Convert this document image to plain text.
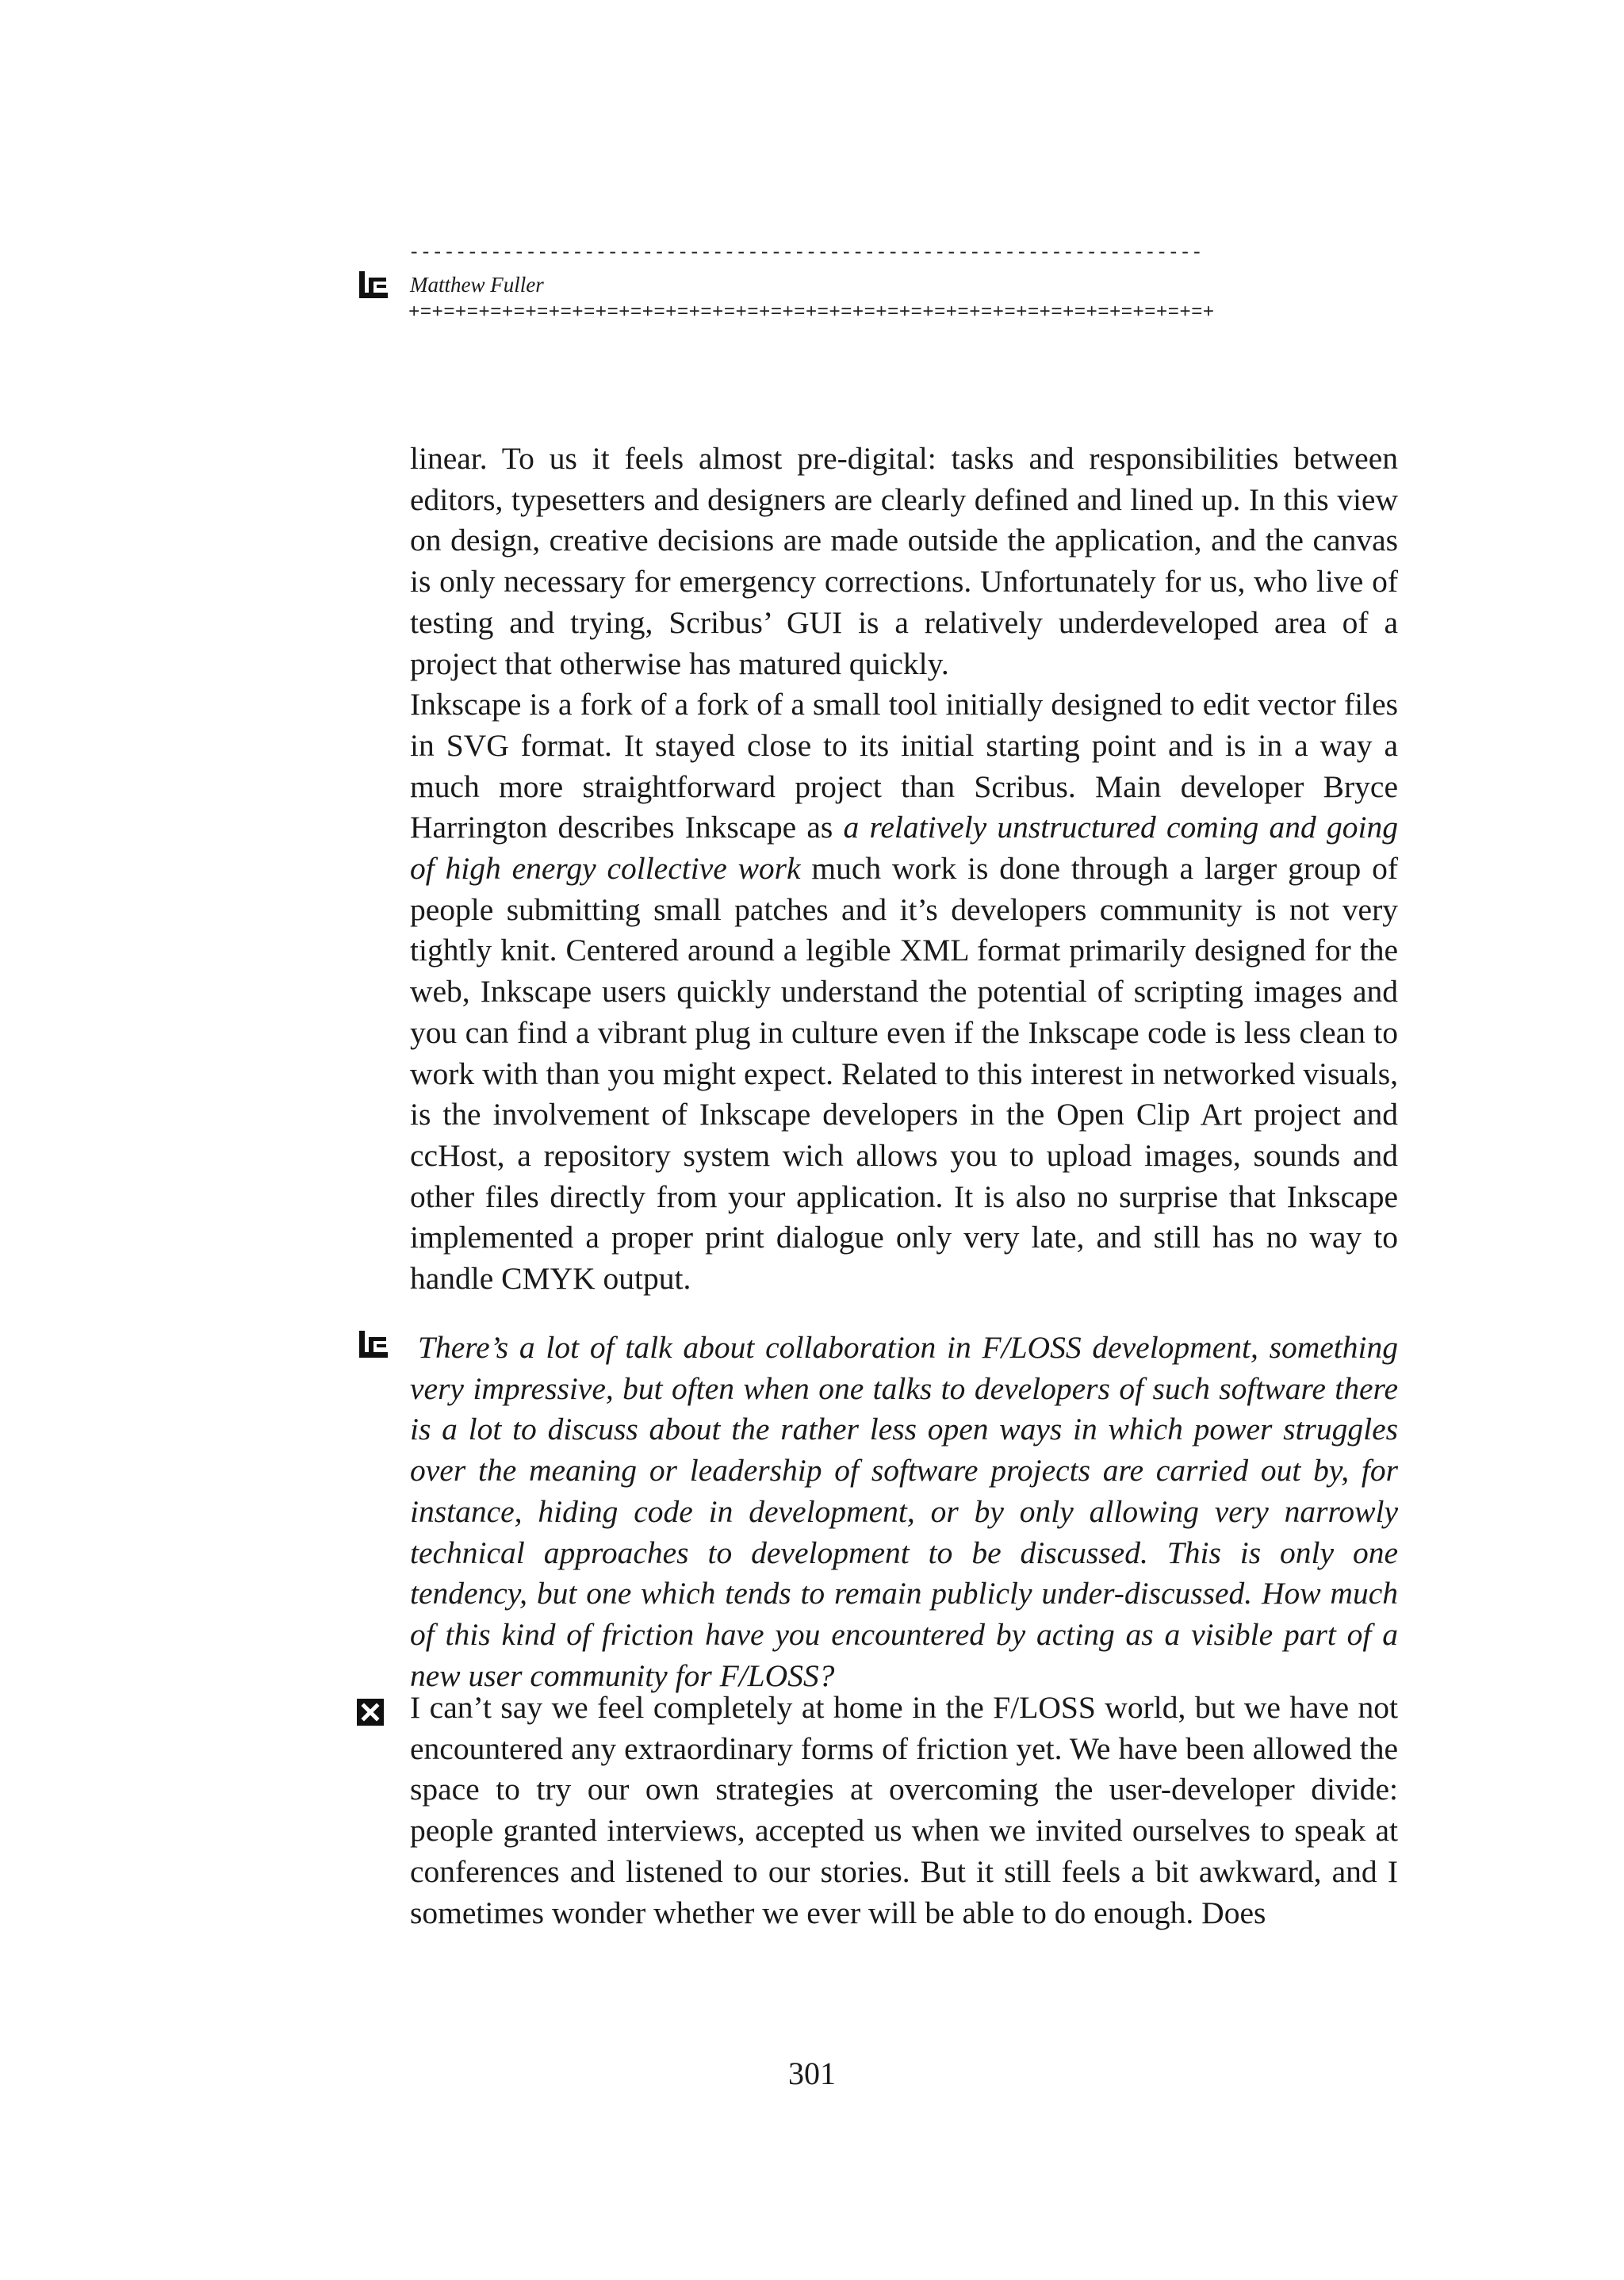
--------------------------------------------------------------------
Matthew Fuller
+=+=+=+=+=+=+=+=+=+=+=+=+=+=+=+=+=+=+=+=+=+=+=+=+=+=+=+=+=+=+=+=+=+=+

linear. To us it feels almost pre-digital: tasks and responsibilities between editors, typesetters and designers are clearly defined and lined up. In this view on design, creative decisions are made outside the application, and the canvas is only necessary for emergency corrections. Unfortunately for us, who live of testing and trying, Scribus’ GUI is a relatively underdeveloped area of a project that otherwise has matured quickly.

Inkscape is a fork of a fork of a small tool initially designed to edit vector files in SVG format. It stayed close to its initial starting point and is in a way a much more straightforward project than Scribus. Main developer Bryce Harrington describes Inkscape as a relatively unstructured coming and going of high energy collective work much work is done through a larger group of people submitting small patches and it’s developers community is not very tightly knit. Centered around a legible XML format primarily designed for the web, Inkscape users quickly understand the potential of scripting images and you can find a vibrant plug in culture even if the Inkscape code is less clean to work with than you might expect. Related to this interest in networked visuals, is the involvement of Inkscape developers in the Open Clip Art project and ccHost, a repository system wich allows you to upload images, sounds and other files directly from your application. It is also no surprise that Inkscape implemented a proper print dialogue only very late, and still has no way to handle CMYK output.

There’s a lot of talk about collaboration in F/LOSS development, something very impressive, but often when one talks to developers of such software there is a lot to discuss about the rather less open ways in which power struggles over the meaning or leadership of software projects are carried out by, for instance, hiding code in development, or by only allowing very narrowly technical approaches to development to be discussed. This is only one tendency, but one which tends to remain publicly under-discussed. How much of this kind of friction have you encountered by acting as a visible part of a new user community for F/LOSS?
I can’t say we feel completely at home in the F/LOSS world, but we have not encountered any extraordinary forms of friction yet. We have been allowed the space to try our own strategies at overcoming the user-developer divide: people granted interviews, accepted us when we invited ourselves to speak at conferences and listened to our stories. But it still feels a bit awkward, and I sometimes wonder whether we ever will be able to do enough. Does
301
